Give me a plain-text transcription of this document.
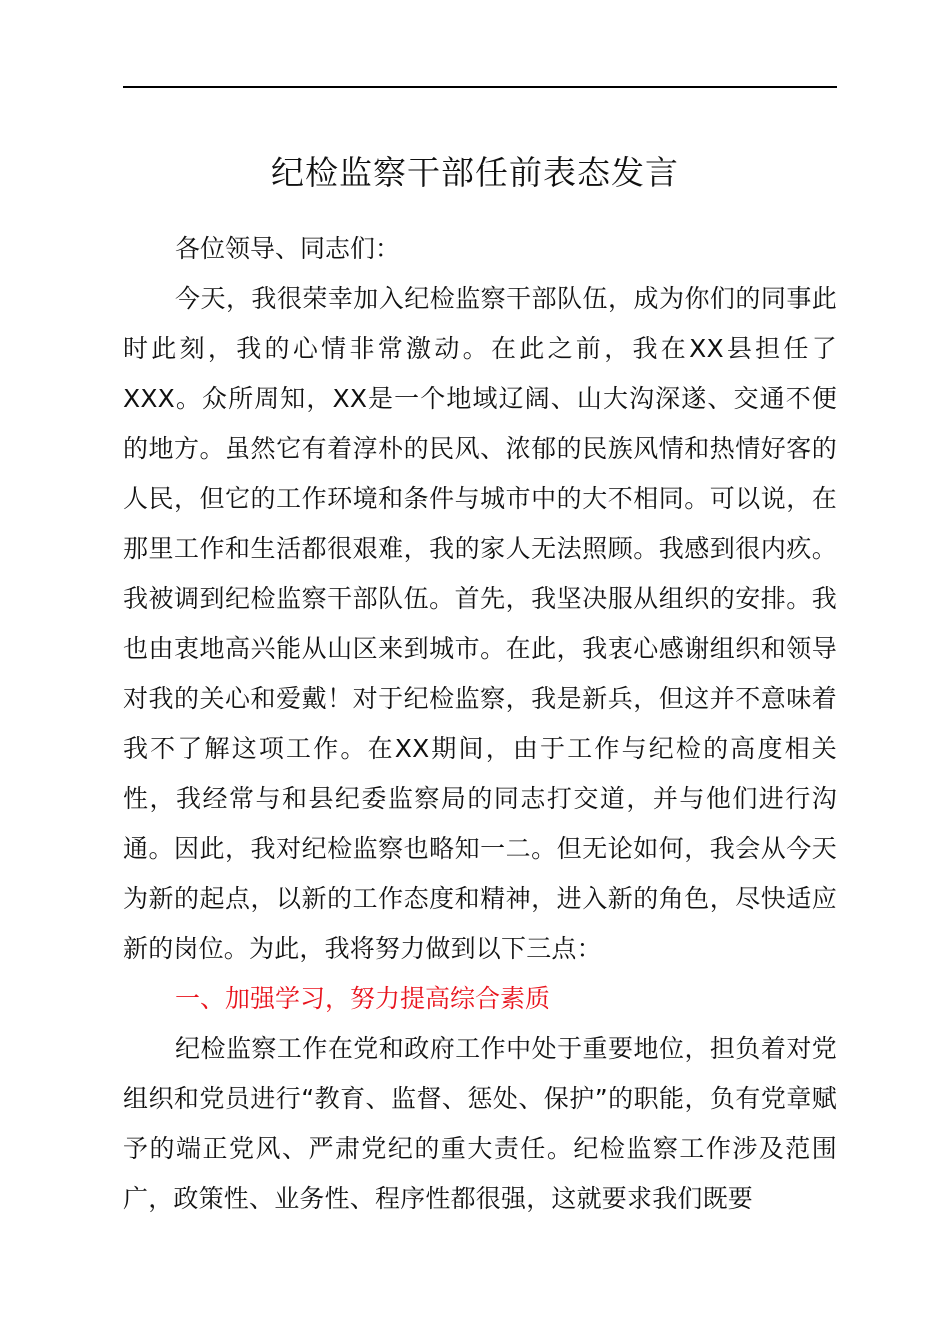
纪检监察干部任前表态发言

各位领导、同志们：

今天，我很荣幸加入纪检监察干部队伍，成为你们的同事此时此刻，我的心情非常激动。在此之前，我在XX县担任了XXX。众所周知，XX是一个地域辽阔、山大沟深遂、交通不便的地方。虽然它有着淳朴的民风、浓郁的民族风情和热情好客的人民，但它的工作环境和条件与城市中的大不相同。可以说，在那里工作和生活都很艰难，我的家人无法照顾。我感到很内疚。我被调到纪检监察干部队伍。首先，我坚决服从组织的安排。我也由衷地高兴能从山区来到城市。在此，我衷心感谢组织和领导对我的关心和爱戴！对于纪检监察，我是新兵，但这并不意味着我不了解这项工作。在XX期间，由于工作与纪检的高度相关性，我经常与和县纪委监察局的同志打交道，并与他们进行沟通。因此，我对纪检监察也略知一二。但无论如何，我会从今天为新的起点，以新的工作态度和精神，进入新的角色，尽快适应新的岗位。为此，我将努力做到以下三点：

一、加强学习，努力提高综合素质

纪检监察工作在党和政府工作中处于重要地位，担负着对党组织和党员进行“教育、监督、惩处、保护”的职能，负有党章赋予的端正党风、严肃党纪的重大责任。纪检监察工作涉及范围广，政策性、业务性、程序性都很强，这就要求我们既要
